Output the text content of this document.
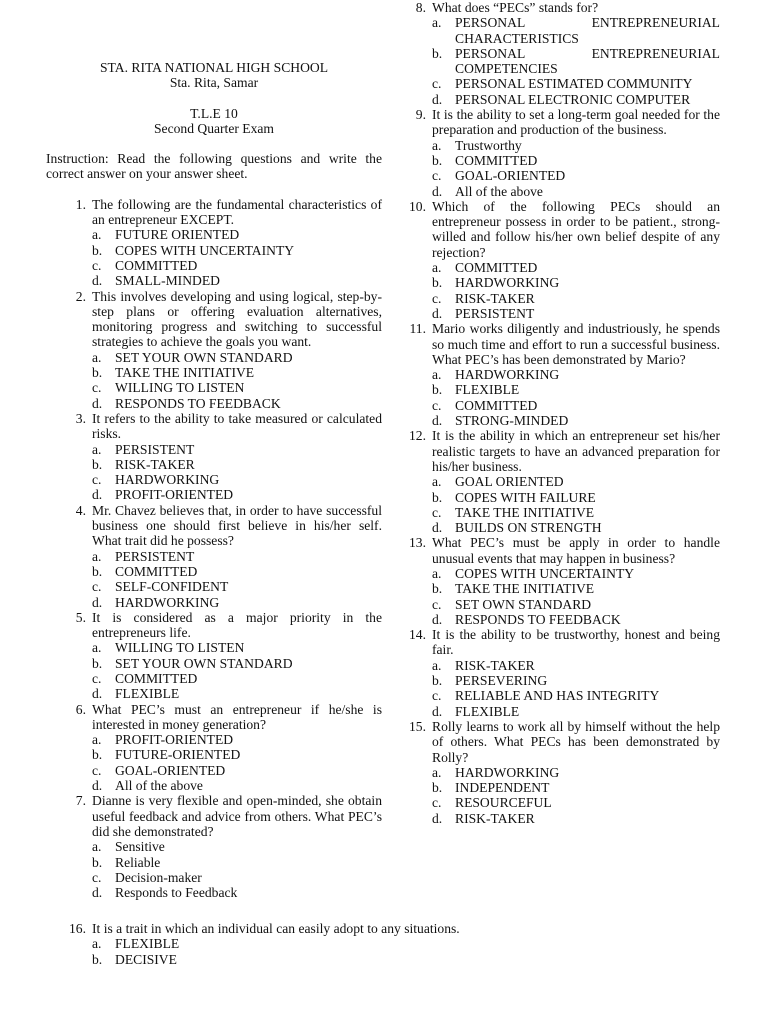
STA. RITA NATIONAL HIGH SCHOOL
Sta. Rita, Samar
T.L.E 10
Second Quarter Exam
Instruction: Read the following questions and write the correct answer on your answer sheet.
1. The following are the fundamental characteristics of an entrepreneur EXCEPT.
a. FUTURE ORIENTED
b. COPES WITH UNCERTAINTY
c. COMMITTED
d. SMALL-MINDED
2. This involves developing and using logical, step-by-step plans or offering evaluation alternatives, monitoring progress and switching to successful strategies to achieve the goals you want.
a. SET YOUR OWN STANDARD
b. TAKE THE INITIATIVE
c. WILLING TO LISTEN
d. RESPONDS TO FEEDBACK
3. It refers to the ability to take measured or calculated risks.
a. PERSISTENT
b. RISK-TAKER
c. HARDWORKING
d. PROFIT-ORIENTED
4. Mr. Chavez believes that, in order to have successful business one should first believe in his/her self. What trait did he possess?
a. PERSISTENT
b. COMMITTED
c. SELF-CONFIDENT
d. HARDWORKING
5. It is considered as a major priority in the entrepreneurs life.
a. WILLING TO LISTEN
b. SET YOUR OWN STANDARD
c. COMMITTED
d. FLEXIBLE
6. What PEC’s must an entrepreneur if he/she is interested in money generation?
a. PROFIT-ORIENTED
b. FUTURE-ORIENTED
c. GOAL-ORIENTED
d. All of the above
7. Dianne is very flexible and open-minded, she obtain useful feedback and advice from others. What PEC’s did she demonstrated?
a. Sensitive
b. Reliable
c. Decision-maker
d. Responds to Feedback
8. What does “PECs” stands for?
a. PERSONAL ENTREPRENEURIAL
CHARACTERISTICS
b. PERSONAL ENTREPRENEURIAL
COMPETENCIES
c. PERSONAL ESTIMATED COMMUNITY
d. PERSONAL ELECTRONIC COMPUTER
9. It is the ability to set a long-term goal needed for the preparation and production of the business.
a. Trustworthy
b. COMMITTED
c. GOAL-ORIENTED
d. All of the above
10. Which of the following PECs should an entrepreneur possess in order to be patient., strong-willed and follow his/her own belief despite of any rejection?
a. COMMITTED
b. HARDWORKING
c. RISK-TAKER
d. PERSISTENT
11. Mario works diligently and industriously, he spends so much time and effort to run a successful business. What PEC’s has been demonstrated by Mario?
a. HARDWORKING
b. FLEXIBLE
c. COMMITTED
d. STRONG-MINDED
12. It is the ability in which an entrepreneur set his/her realistic targets to have an advanced preparation for his/her business.
a. GOAL ORIENTED
b. COPES WITH FAILURE
c. TAKE THE INITIATIVE
d. BUILDS ON STRENGTH
13. What PEC’s must be apply in order to handle unusual events that may happen in business?
a. COPES WITH UNCERTAINTY
b. TAKE THE INITIATIVE
c. SET OWN STANDARD
d. RESPONDS TO FEEDBACK
14. It is the ability to be trustworthy, honest and being fair.
a. RISK-TAKER
b. PERSEVERING
c. RELIABLE AND HAS INTEGRITY
d. FLEXIBLE
15. Rolly learns to work all by himself without the help of others. What PECs has been demonstrated by Rolly?
a. HARDWORKING
b. INDEPENDENT
c. RESOURCEFUL
d. RISK-TAKER
16. It is a trait in which an individual can easily adopt to any situations.
a. FLEXIBLE
b. DECISIVE
